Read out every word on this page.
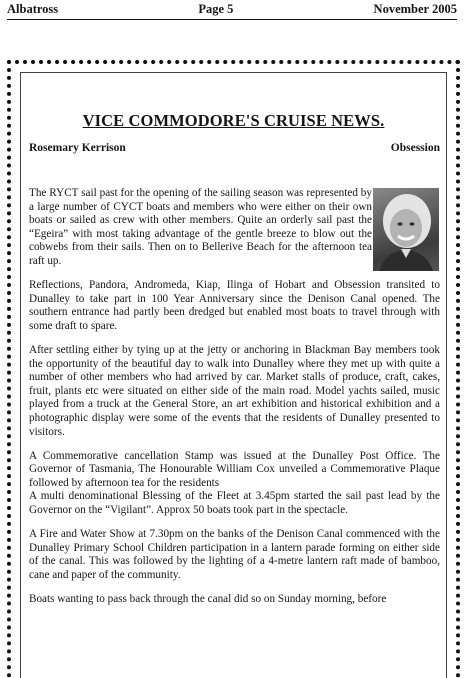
Albatross	Page 5	November 2005
VICE COMMODORE'S CRUISE NEWS.
Rosemary Kerrison	Obsession

The RYCT sail past for the opening of the sailing season was represented by a large number of CYCT boats and members who were either on their own boats or sailed as crew with other members. Quite an orderly sail past the “Egeira” with most taking advantage of the gentle breeze to blow out the cobwebs from their sails. Then on to Bellerive Beach for the afternoon tea raft up.

Reflections, Pandora, Andromeda, Kiap, Ilinga of Hobart and Obsession transited to Dunalley to take part in 100 Year Anniversary since the Denison Canal opened. The southern entrance had partly been dredged but enabled most boats to travel through with some draft to spare.

After settling either by tying up at the jetty or anchoring in Blackman Bay members took the opportunity of the beautiful day to walk into Dunalley where they met up with quite a number of other members who had arrived by car. Market stalls of produce, craft, cakes, fruit, plants etc were situated on either side of the main road. Model yachts sailed, music played from a truck at the General Store, an art exhibition and historical exhibition and a photographic display were some of the events that the residents of Dunalley presented to visitors.

A Commemorative cancellation Stamp was issued at the Dunalley Post Office. The Governor of Tasmania, The Honourable William Cox unveiled a Commemorative Plaque followed by afternoon tea for the residents
A multi denominational Blessing of the Fleet at 3.45pm started the sail past lead by the Governor on the “Vigilant”. Approx 50 boats took part in the spectacle.

A Fire and Water Show at 7.30pm on the banks of the Denison Canal commenced with the Dunalley Primary School Children participation in a lantern parade forming on either side of the canal. This was followed by the lighting of a 4-metre lantern raft made of bamboo, cane and paper of the community.

Boats wanting to pass back through the canal did so on Sunday morning, before
